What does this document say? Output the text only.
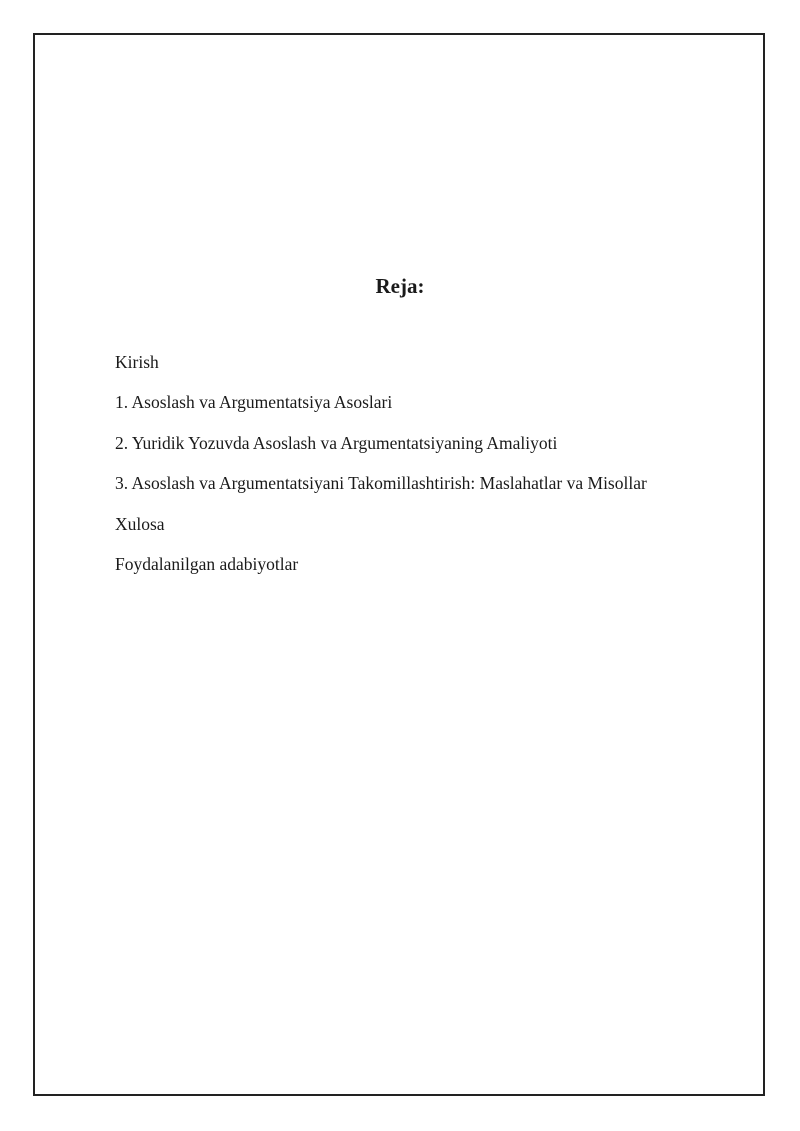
Reja:
Kirish
1. Asoslash va Argumentatsiya Asoslari
2. Yuridik Yozuvda Asoslash va Argumentatsiyaning Amaliyoti
3. Asoslash va Argumentatsiyani Takomillashtirish: Maslahatlar va Misollar
Xulosa
Foydalanilgan adabiyotlar
